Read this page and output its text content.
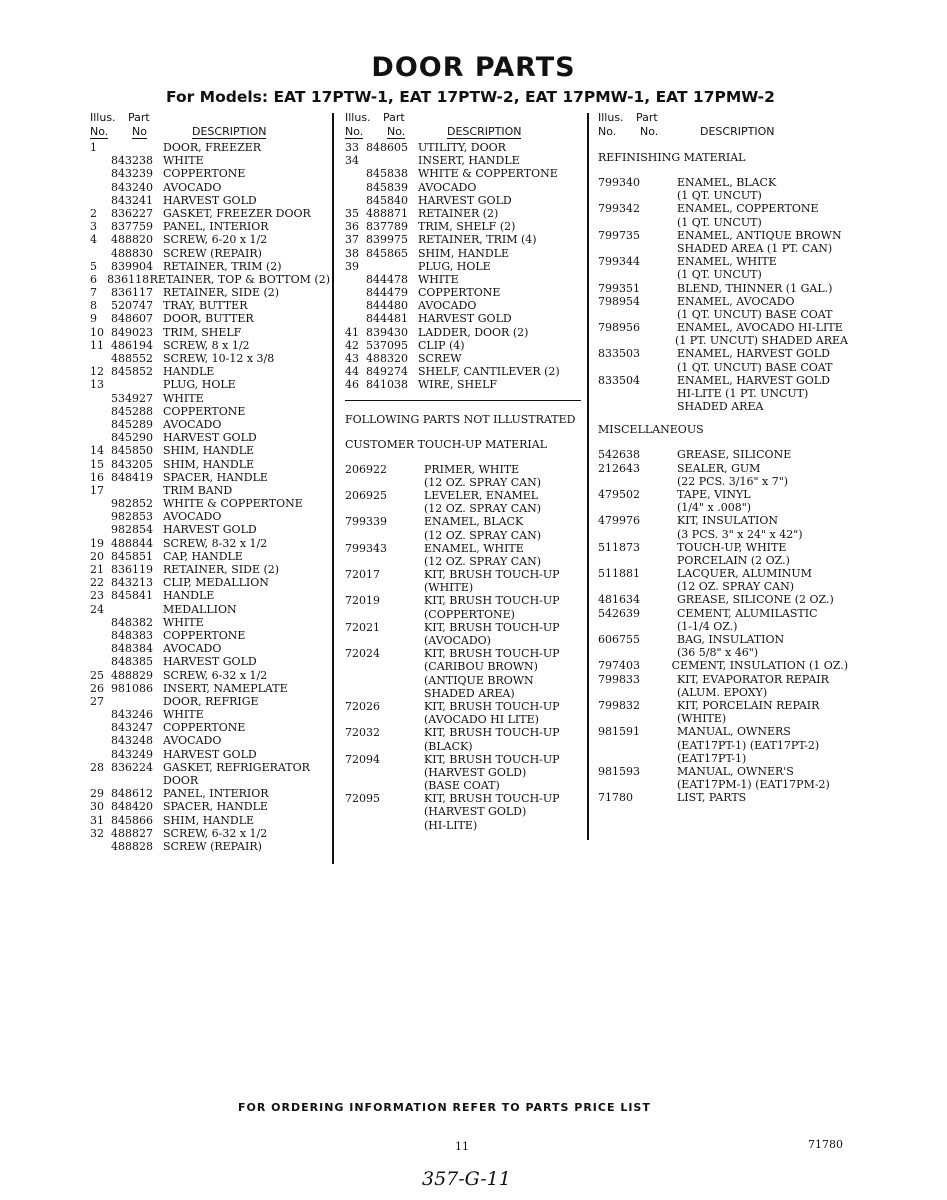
DOOR PARTS
For Models: EAT 17PTW-1, EAT 17PTW-2, EAT 17PMW-1, EAT 17PMW-2
Illus. Part
No. No	DESCRIPTION
1	DOOR, FREEZER
843238 WHITE
843239 COPPERTONE
843240 AVOCADO
843241 HARVEST GOLD
2	836227 GASKET, FREEZER DOOR
3	837759 PANEL, INTERIOR
4	488820 SCREW, 6-20 x 1/2
488830 SCREW (REPAIR)
5	839904 RETAINER, TRIM (2)
6 836118 RETAINER, TOP & BOTTOM (2)
7	836117 RETAINER, SIDE (2)
8	520747 TRAY, BUTTER
9	848607 DOOR, BUTTER
10 849023 TRIM, SHELF
11 486194 SCREW, 8 x 1/2
488552 SCREW, 10-12 x 3/8
12 845852 HANDLE
13	PLUG, HOLE
534927 WHITE
845288 COPPERTONE
845289 AVOCADO
845290 HARVEST GOLD
14 845850 SHIM, HANDLE
15 843205 SHIM, HANDLE
16 848419 SPACER, HANDLE
17	TRIM BAND
982852 WHITE & COPPERTONE
982853 AVOCADO
982854 HARVEST GOLD
19 488844 SCREW, 8-32 x 1/2
20 845851 CAP, HANDLE
21 836119 RETAINER, SIDE (2)
22 843213 CLIP, MEDALLION
23 845841 HANDLE
24	MEDALLION
848382 WHITE
848383 COPPERTONE
848384 AVOCADO
848385 HARVEST GOLD
25 488829 SCREW, 6-32 x 1/2
26 981086 INSERT, NAMEPLATE
27	DOOR, REFRIGE
843246 WHITE
843247 COPPERTONE
843248 AVOCADO
843249 HARVEST GOLD
28 836224 GASKET, REFRIGERATOR
DOOR
29 848612 PANEL, INTERIOR
30 848420 SPACER, HANDLE
31 845866 SHIM, HANDLE
32 488827 SCREW, 6-32 x 1/2
488828 SCREW (REPAIR)
Illus. Part
No. No.	DESCRIPTION
33 848605 UTILITY, DOOR
34	INSERT, HANDLE
845838 WHITE & COPPERTONE
845839 AVOCADO
845840 HARVEST GOLD
35 488871 RETAINER (2)
36 837789 TRIM, SHELF (2)
37 839975 RETAINER, TRIM (4)
38 845865 SHIM, HANDLE
39	PLUG, HOLE
844478 WHITE
844479 COPPERTONE
844480 AVOCADO
844481 HARVEST GOLD
41 839430 LADDER, DOOR (2)
42 537095 CLIP (4)
43 488320 SCREW
44 849274 SHELF, CANTILEVER (2)
46 841038 WIRE, SHELF
FOLLOWING PARTS NOT ILLUSTRATED
CUSTOMER TOUCH-UP MATERIAL
206922	PRIMER, WHITE
(12 OZ. SPRAY CAN)
206925	LEVELER, ENAMEL
(12 OZ. SPRAY CAN)
799339	ENAMEL, BLACK
(12 OZ. SPRAY CAN)
799343	ENAMEL, WHITE
(12 OZ. SPRAY CAN)
72017	KIT, BRUSH TOUCH-UP
(WHITE)
72019	KIT, BRUSH TOUCH-UP
(COPPERTONE)
72021	KIT, BRUSH TOUCH-UP
(AVOCADO)
72024	KIT, BRUSH TOUCH-UP
(CARIBOU BROWN)
(ANTIQUE BROWN
SHADED AREA)
72026	KIT, BRUSH TOUCH-UP
(AVOCADO HI LITE)
72032	KIT, BRUSH TOUCH-UP
(BLACK)
72094	KIT, BRUSH TOUCH-UP
(HARVEST GOLD)
(BASE COAT)
72095	KIT, BRUSH TOUCH-UP
(HARVEST GOLD)
(HI-LITE)
Illus. Part
No. No.	DESCRIPTION
REFINISHING MATERIAL
799340	ENAMEL, BLACK
(1 QT. UNCUT)
799342	ENAMEL, COPPERTONE
(1 QT. UNCUT)
799735	ENAMEL, ANTIQUE BROWN
SHADED AREA (1 PT. CAN)
799344	ENAMEL, WHITE
(1 QT. UNCUT)
799351	BLEND, THINNER (1 GAL.)
798954	ENAMEL, AVOCADO
(1 QT. UNCUT) BASE COAT
798956	ENAMEL, AVOCADO HI-LITE
(1 PT. UNCUT) SHADED AREA
833503	ENAMEL, HARVEST GOLD
(1 QT. UNCUT) BASE COAT
833504	ENAMEL, HARVEST GOLD
HI-LITE (1 PT. UNCUT)
SHADED AREA
MISCELLANEOUS
542638	GREASE, SILICONE
212643	SEALER, GUM
(22 PCS. 3/16" x 7")
479502	TAPE, VINYL
(1/4" x .008")
479976	KIT, INSULATION
(3 PCS. 3" x 24" x 42")
511873	TOUCH-UP, WHITE
PORCELAIN (2 OZ.)
511881	LACQUER, ALUMINUM
(12 OZ. SPRAY CAN)
481634	GREASE, SILICONE (2 OZ.)
542639	CEMENT, ALUMILASTIC
(1-1/4 OZ.)
606755	BAG, INSULATION
(36 5/8" x 46")
797403	CEMENT, INSULATION (1 OZ.)
799833	KIT, EVAPORATOR REPAIR
(ALUM. EPOXY)
799832	KIT, PORCELAIN REPAIR
(WHITE)
981591	MANUAL, OWNERS
(EAT17PT-1) (EAT17PT-2)
(EAT17PT-1)
981593	MANUAL, OWNER'S
(EAT17PM-1) (EAT17PM-2)
71780	LIST, PARTS
FOR ORDERING INFORMATION REFER TO PARTS PRICE LIST
11	71780
357-G-11
